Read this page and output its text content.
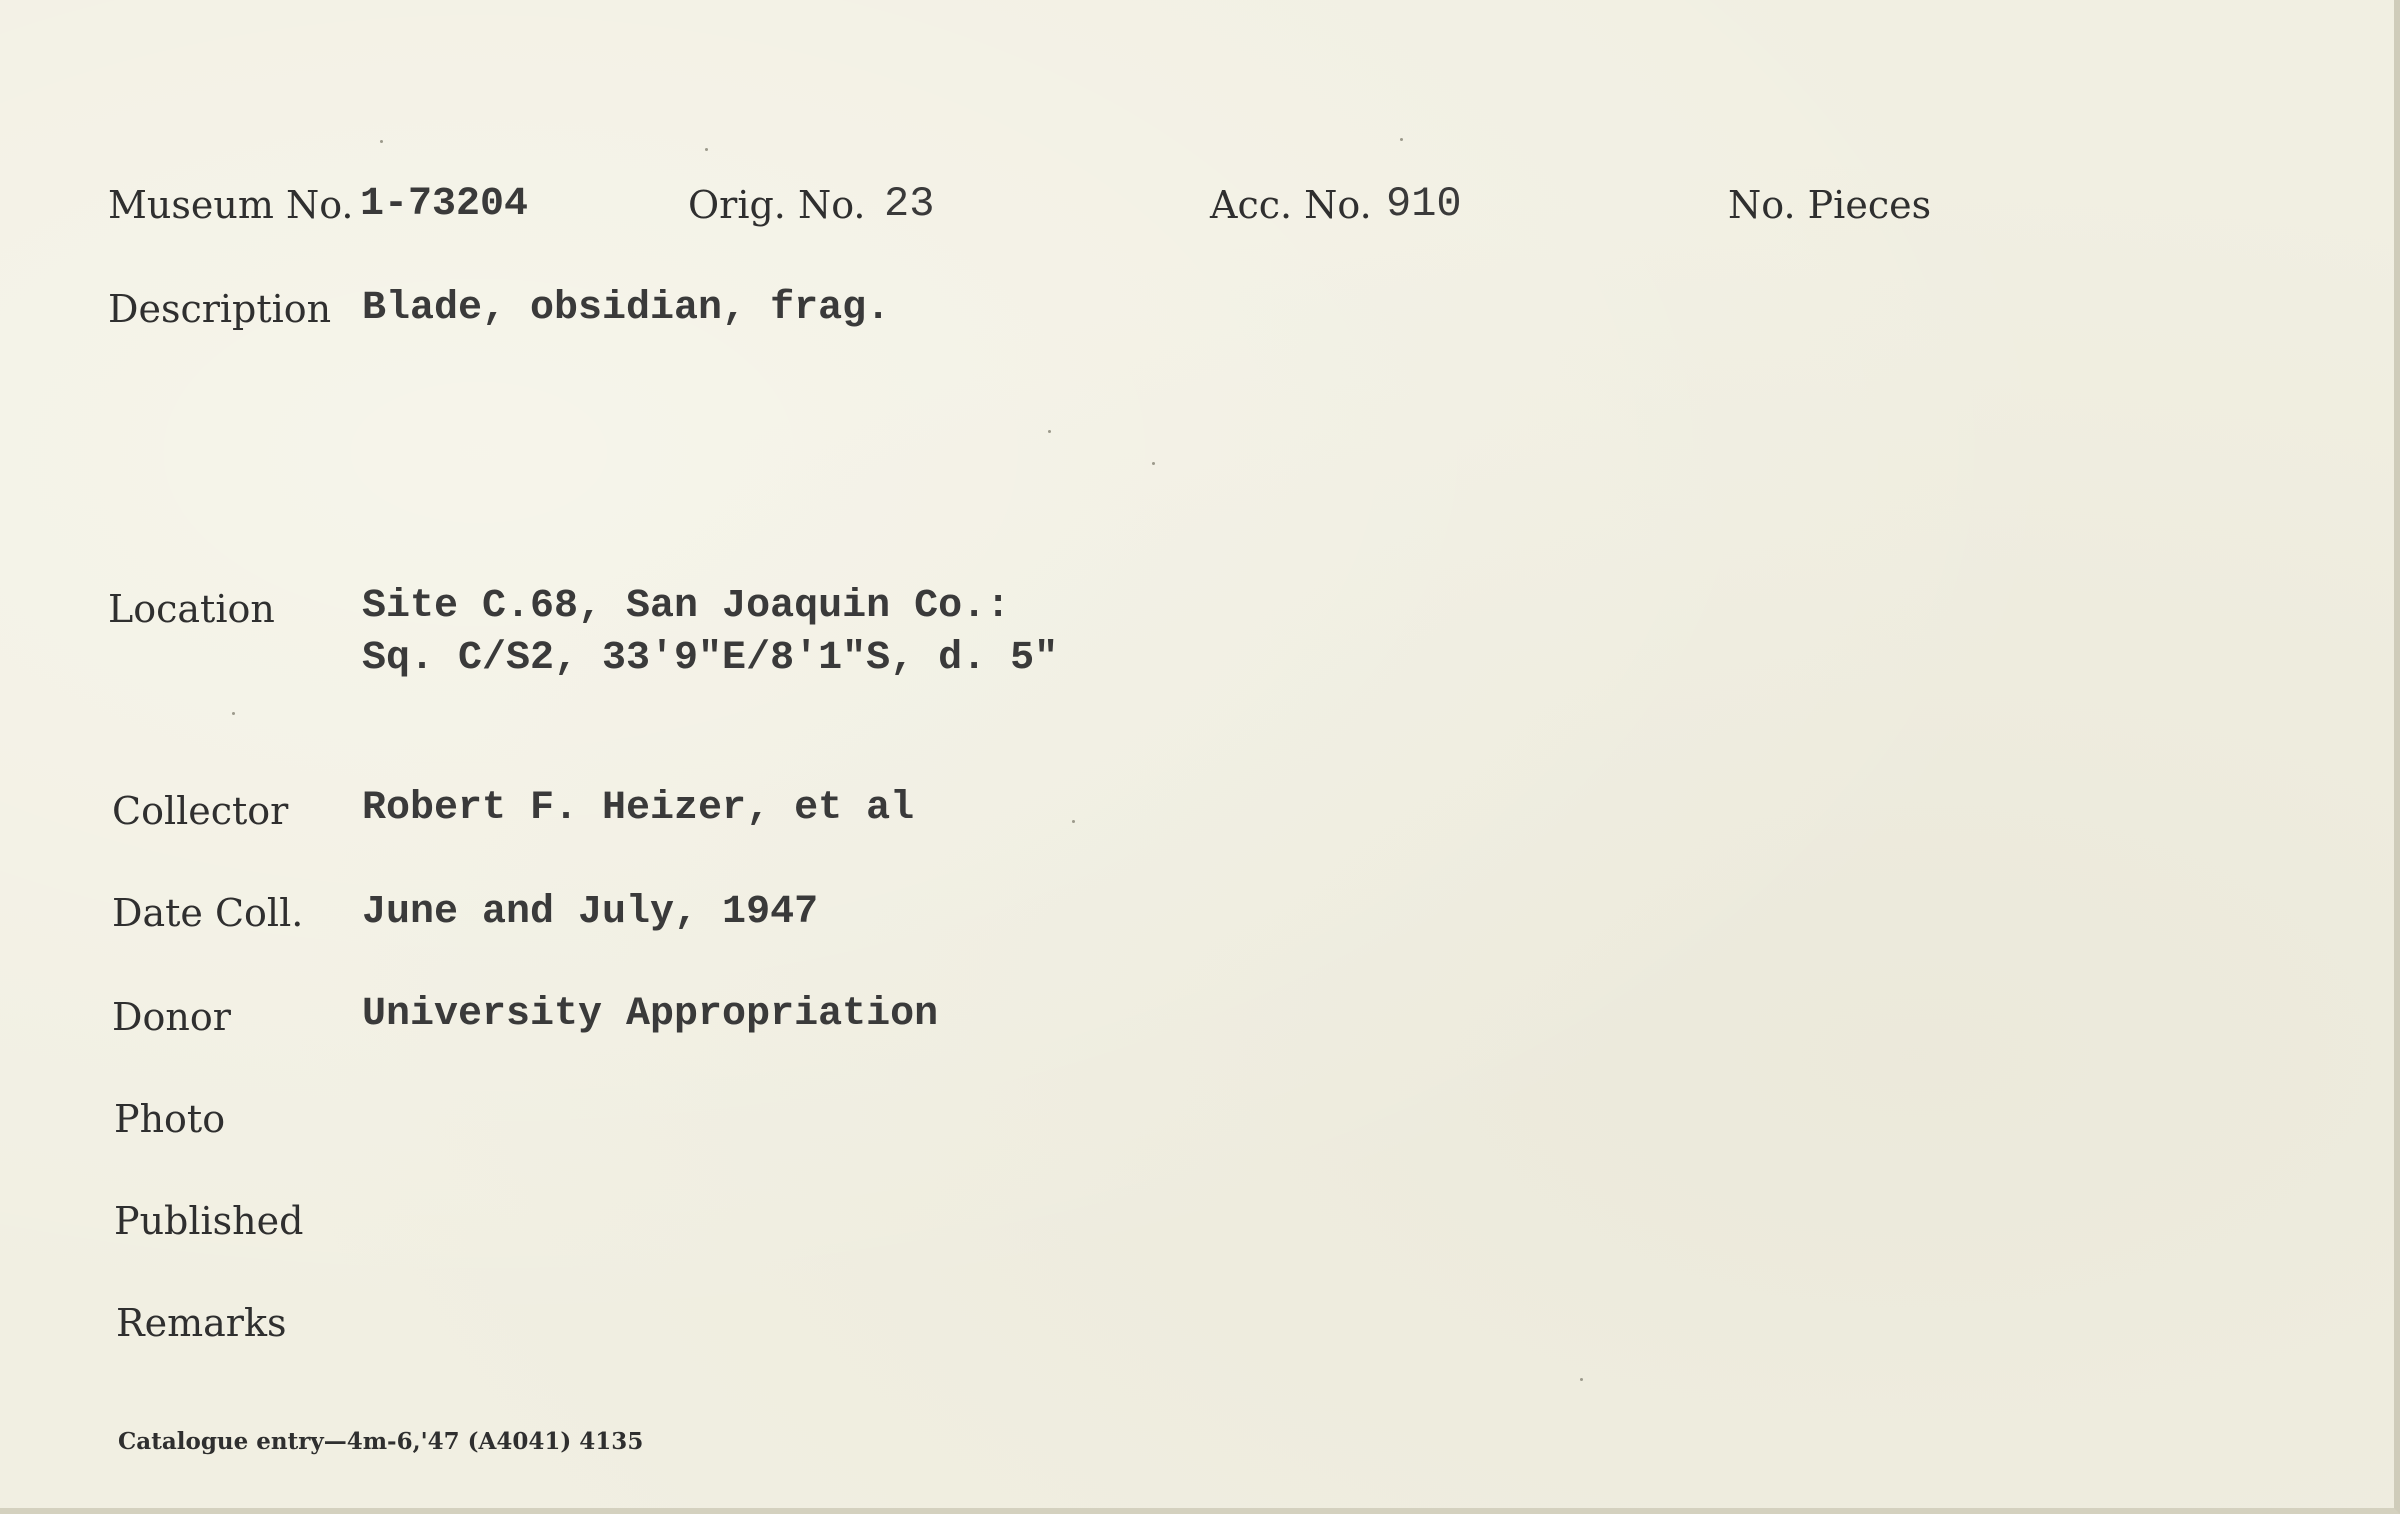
Museum No. 1-73204	Orig. No. 23	Acc. No. 910	No. Pieces
Description Blade, obsidian, frag.
Location Site C.68, San Joaquin Co.:
Sq. C/S2, 33'9"E/8'1"S, d. 5"
Collector Robert F. Heizer, et al
Date Coll. June and July, 1947
Donor	University Appropriation
Photo
Published
Remarks
Catalogue entry—4m-6,'47 (A4041) 4135
